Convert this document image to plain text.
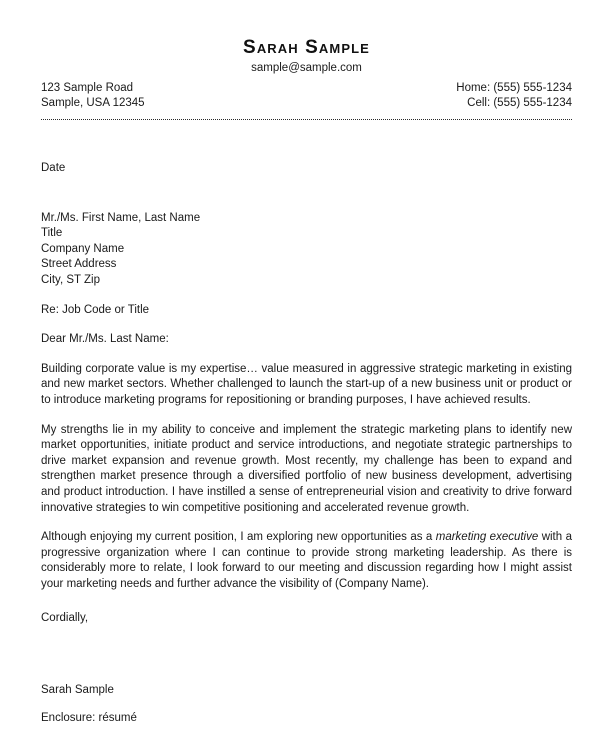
Sarah Sample
sample@sample.com
123 Sample Road
Sample, USA 12345
Home: (555) 555-1234
Cell: (555) 555-1234
Date
Mr./Ms. First Name, Last Name
Title
Company Name
Street Address
City, ST Zip
Re: Job Code or Title
Dear Mr./Ms. Last Name:

Building corporate value is my expertise… value measured in aggressive strategic marketing in existing and new market sectors. Whether challenged to launch the start-up of a new business unit or product or to introduce marketing programs for repositioning or branding purposes, I have achieved results.

My strengths lie in my ability to conceive and implement the strategic marketing plans to identify new market opportunities, initiate product and service introductions, and negotiate strategic partnerships to drive market expansion and revenue growth. Most recently, my challenge has been to expand and strengthen market presence through a diversified portfolio of new business development, advertising and product introduction. I have instilled a sense of entrepreneurial vision and creativity to drive forward innovative strategies to win competitive positioning and accelerated revenue growth.

Although enjoying my current position, I am exploring new opportunities as a marketing executive with a progressive organization where I can continue to provide strong marketing leadership. As there is considerably more to relate, I look forward to our meeting and discussion regarding how I might assist your marketing needs and further advance the visibility of (Company Name).

Cordially,
Sarah Sample
Enclosure: résumé
